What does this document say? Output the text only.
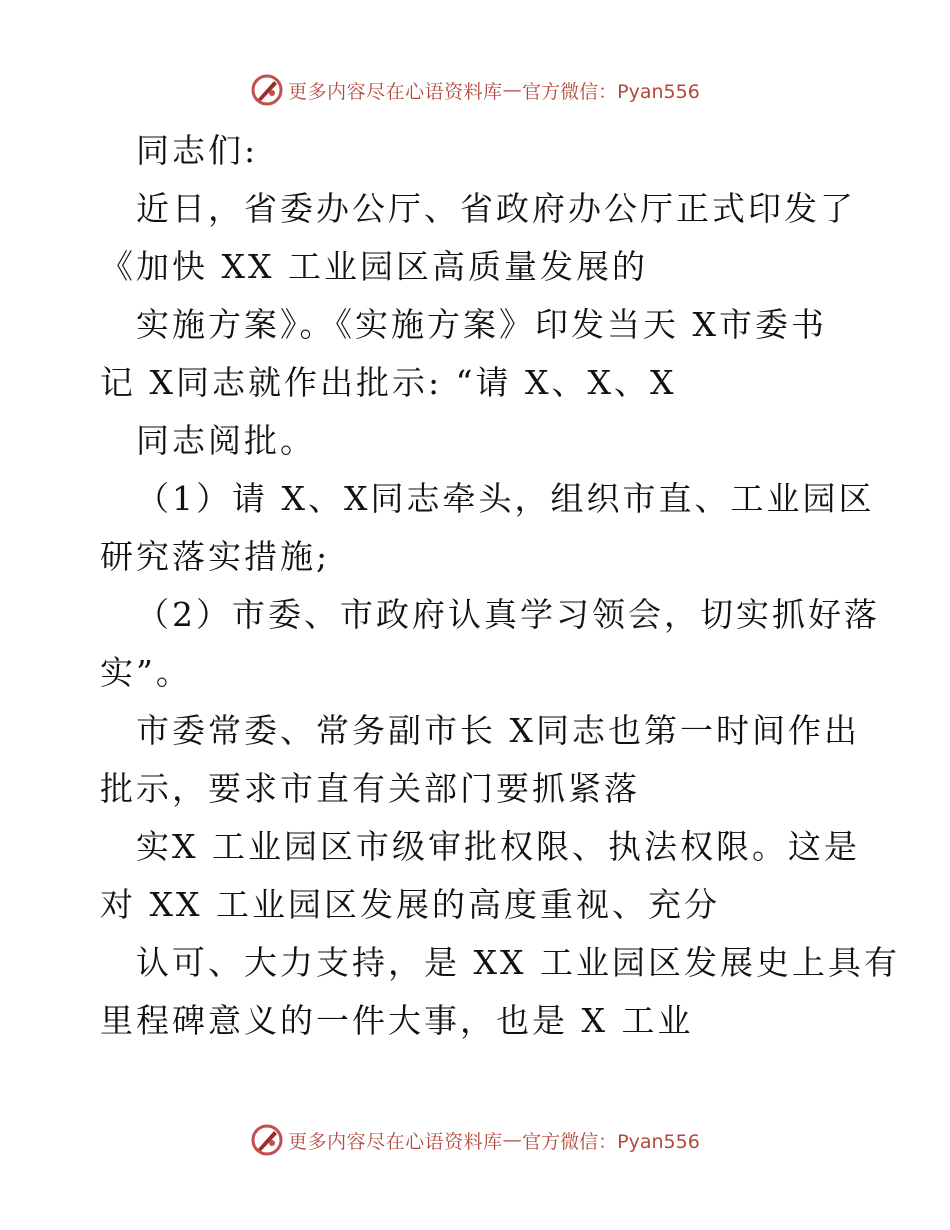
更多内容尽在心语资料库 — 官方微信：Pyan556
同志们:
近日，省委办公厅、省政府办公厅正式印发了
《加快 XX 工业园区高质量发展的
实施方案》。《实施方案》印发当天 X市委书
记 X同志就作出批示: “请 X、X、X
同志阅批。
（1）请 X、X同志牵头，组织市直、工业园区
研究落实措施;
（2）市委、市政府认真学习领会，切实抓好落
实”。
市委常委、常务副市长 X同志也第一时间作出
批示，要求市直有关部门要抓紧落
实X 工业园区市级审批权限、执法权限。这是
对 XX 工业园区发展的高度重视、充分
认可、大力支持，是 XX 工业园区发展史上具有
里程碑意义的一件大事，也是 X 工业
更多内容尽在心语资料库 — 官方微信：Pyan556
